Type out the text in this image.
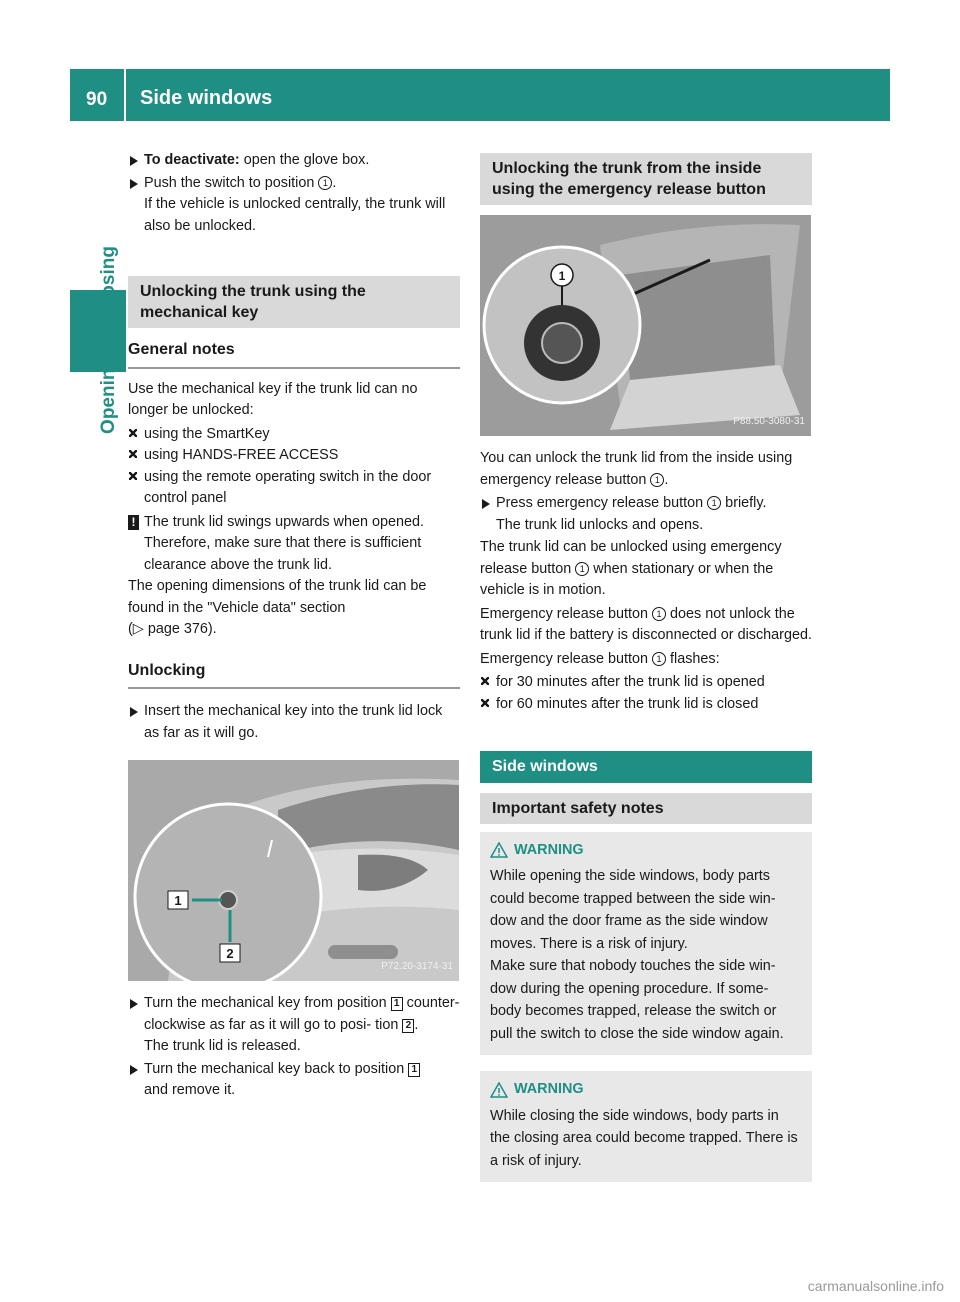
90 Side windows
Opening and closing
To deactivate: open the glove box.
Push the switch to position 1 .
If the vehicle is unlocked centrally, the trunk will also be unlocked.
Unlocking the trunk using the mechanical key
General notes
Use the mechanical key if the trunk lid can no longer be unlocked:
using the SmartKey
using HANDS-FREE ACCESS
using the remote operating switch in the door control panel
! The trunk lid swings upwards when opened. Therefore, make sure that there is sufficient clearance above the trunk lid.
The opening dimensions of the trunk lid can be found in the "Vehicle data" section
(▷ page 376).
Unlocking
Insert the mechanical key into the trunk lid lock as far as it will go.
1
2
P72.20-3174-31
Turn the mechanical key from position 1 counter-clockwise as far as it will go to posi- tion 2 .
The trunk lid is released.
Turn the mechanical key back to position 1
and remove it.
Unlocking the trunk from the inside using the emergency release button
1
P88.50-3080-31
You can unlock the trunk lid from the inside using emergency release button 1 .
Press emergency release button 1 briefly.
The trunk lid unlocks and opens.
The trunk lid can be unlocked using emergency release button 1 when stationary or when the vehicle is in motion.
Emergency release button 1 does not unlock the trunk lid if the battery is disconnected or discharged.
Emergency release button 1 flashes:
for 30 minutes after the trunk lid is opened
for 60 minutes after the trunk lid is closed
Side windows
Important safety notes
WARNING
While opening the side windows, body parts could become trapped between the side win- dow and the door frame as the side window moves. There is a risk of injury.
Make sure that nobody touches the side win- dow during the opening procedure. If some- body becomes trapped, release the switch or pull the switch to close the side window again.
WARNING
While closing the side windows, body parts in the closing area could become trapped. There is a risk of injury.
carmanualsonline.info
